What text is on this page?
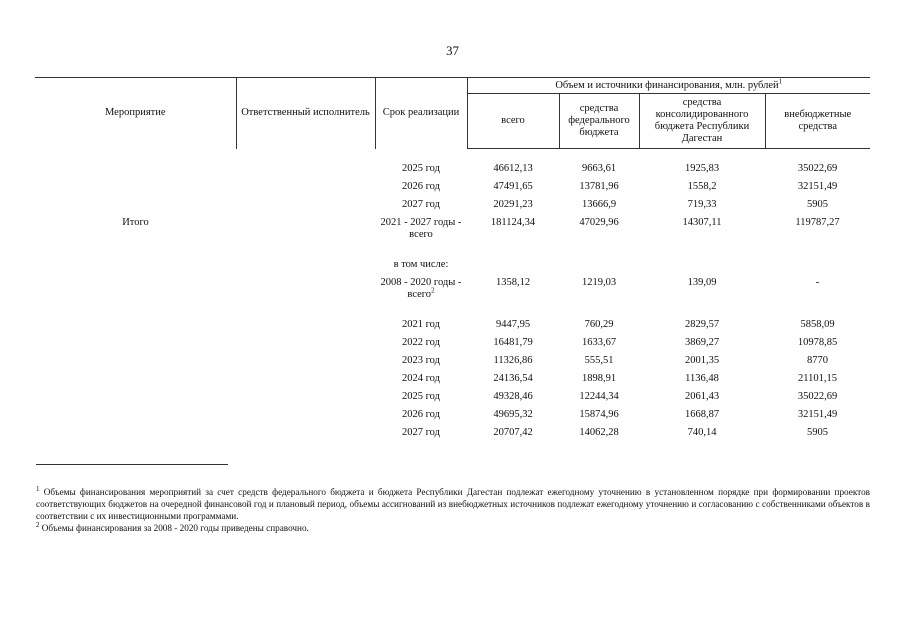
37
Мероприятие	Ответственный исполнитель	Срок реализации	Объем и источники финансирования, млн. рублей$^1$
			всего	средства федерального бюджета	средства консолидированного бюджета Республики Дагестан	внебюджетные средства
		2025 год	46612,13	9663,61	1925,83	35022,69
		2026 год	47491,65	13781,96	1558,2	32151,49
		2027 год	20291,23	13666,9	719,33	5905
Итого		2021 - 2027 годы - всего	181124,34	47029,96	14307,11	119787,27
		в том числе:				
		2008 - 2020 годы - всего$^2$	1358,12	1219,03	139,09	-
		2021 год	9447,95	760,29	2829,57	5858,09
		2022 год	16481,79	1633,67	3869,27	10978,85
		2023 год	11326,86	555,51	2001,35	8770
		2024 год	24136,54	1898,91	1136,48	21101,15
		2025 год	49328,46	12244,34	2061,43	35022,69
		2026 год	49695,32	15874,96	1668,87	32151,49
		2027 год	20707,42	14062,28	740,14	5905

$^1$ Объемы финансирования мероприятий за счет средств федерального бюджета и бюджета Республики Дагестан подлежат ежегодному уточнению в установленном порядке при формировании проектов соответствующих бюджетов на очередной финансовой год и плановый период, объемы ассигнований из внебюджетных источников подлежат ежегодному уточнению и согласованию с собственниками объектов в соответствии с их инвестиционными программами.

$^2$ Объемы финансирования за 2008 - 2020 годы приведены справочно.
